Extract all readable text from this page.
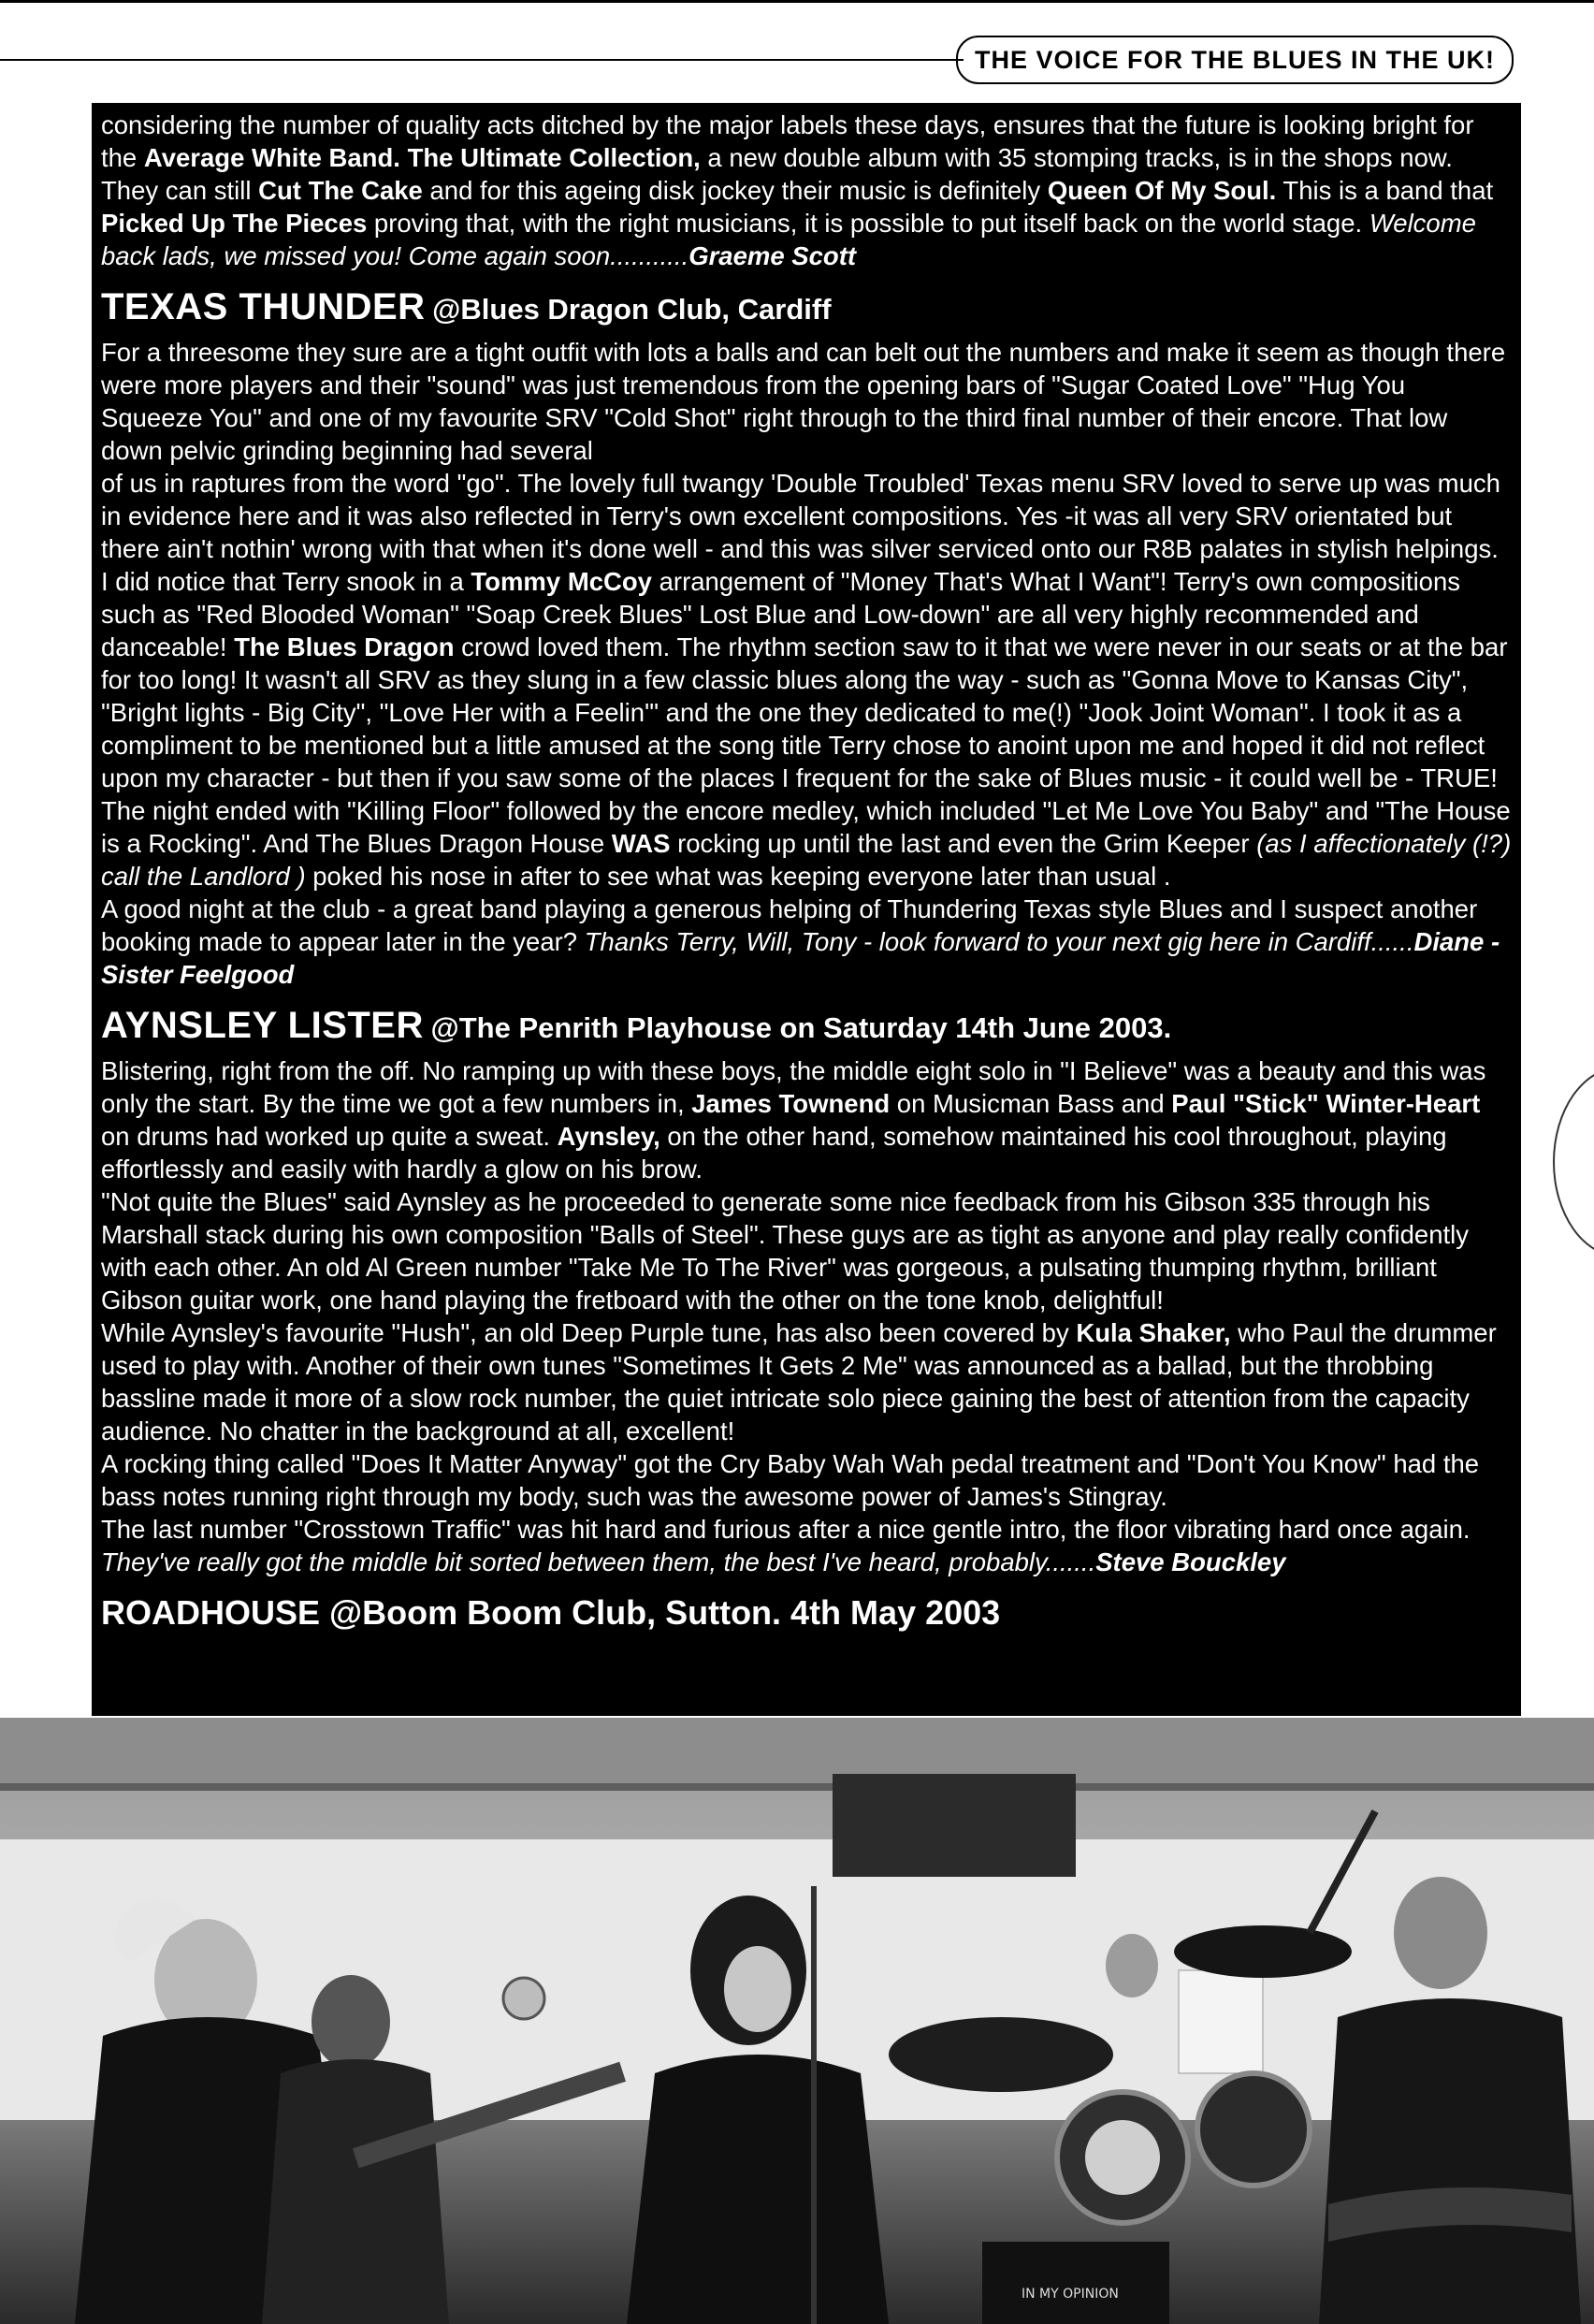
THE VOICE FOR THE BLUES IN THE UK!

considering the number of quality acts ditched by the major labels these days, ensures that the future is looking bright for the Average White Band. The Ultimate Collection, a new double album with 35 stomping tracks, is in the shops now. They can still Cut The Cake and for this ageing disk jockey their music is definitely Queen Of My Soul. This is a band that Picked Up The Pieces proving that, with the right musicians, it is possible to put itself back on the world stage. Welcome back lads, we missed you! Come again soon...........Graeme Scott

TEXAS THUNDER @Blues Dragon Club, Cardiff

For a threesome they sure are a tight outfit with lots a balls and can belt out the numbers and make it seem as though there were more players and their "sound" was just tremendous from the opening bars of "Sugar Coated Love" "Hug You Squeeze You" and one of my favourite SRV "Cold Shot" right through to the third final number of their encore. That low down pelvic grinding beginning had several

of us in raptures from the word "go". The lovely full twangy 'Double Troubled' Texas menu SRV loved to serve up was much in evidence here and it was also reflected in Terry's own excellent compositions. Yes -it was all very SRV orientated but there ain't nothin' wrong with that when it's done well - and this was silver serviced onto our R8B palates in stylish helpings.

I did notice that Terry snook in a Tommy McCoy arrangement of "Money That's What I Want"! Terry's own compositions such as "Red Blooded Woman" "Soap Creek Blues" Lost Blue and Low-down" are all very highly recommended and danceable! The Blues Dragon crowd loved them. The rhythm section saw to it that we were never in our seats or at the bar for too long! It wasn't all SRV as they slung in a few classic blues along the way - such as "Gonna Move to Kansas City", "Bright lights - Big City", "Love Her with a Feelin'" and the one they dedicated to me(!) "Jook Joint Woman". I took it as a compliment to be mentioned but a little amused at the song title Terry chose to anoint upon me and hoped it did not reflect upon my character - but then if you saw some of the places I frequent for the sake of Blues music - it could well be - TRUE! The night ended with "Killing Floor" followed by the encore medley, which included "Let Me Love You Baby" and "The House is a Rocking". And The Blues Dragon House WAS rocking up until the last and even the Grim Keeper (as I affectionately (!?) call the Landlord ) poked his nose in after to see what was keeping everyone later than usual .

A good night at the club - a great band playing a generous helping of Thundering Texas style Blues and I suspect another booking made to appear later in the year? Thanks Terry, Will, Tony - look forward to your next gig here in Cardiff......Diane - Sister Feelgood

AYNSLEY LISTER @The Penrith Playhouse on Saturday 14th June 2003.

Blistering, right from the off. No ramping up with these boys, the middle eight solo in "I Believe" was a beauty and this was only the start. By the time we got a few numbers in, James Townend on Musicman Bass and Paul "Stick" Winter-Heart on drums had worked up quite a sweat. Aynsley, on the other hand, somehow maintained his cool throughout, playing effortlessly and easily with hardly a glow on his brow.

"Not quite the Blues" said Aynsley as he proceeded to generate some nice feedback from his Gibson 335 through his Marshall stack during his own composition "Balls of Steel". These guys are as tight as anyone and play really confidently with each other. An old Al Green number "Take Me To The River" was gorgeous, a pulsating thumping rhythm, brilliant Gibson guitar work, one hand playing the fretboard with the other on the tone knob, delightful!

While Aynsley's favourite "Hush", an old Deep Purple tune, has also been covered by Kula Shaker, who Paul the drummer used to play with. Another of their own tunes "Sometimes It Gets 2 Me" was announced as a ballad, but the throbbing bassline made it more of a slow rock number, the quiet intricate solo piece gaining the best of attention from the capacity audience. No chatter in the background at all, excellent!

A rocking thing called "Does It Matter Anyway" got the Cry Baby Wah Wah pedal treatment and "Don't You Know" had the bass notes running right through my body, such was the awesome power of James's Stingray.

The last number "Crosstown Traffic" was hit hard and furious after a nice gentle intro, the floor vibrating hard once again. They've really got the middle bit sorted between them, the best I've heard, probably.......Steve Bouckley

ROADHOUSE @Boom Boom Club, Sutton. 4th May 2003
IN MY OPINION
